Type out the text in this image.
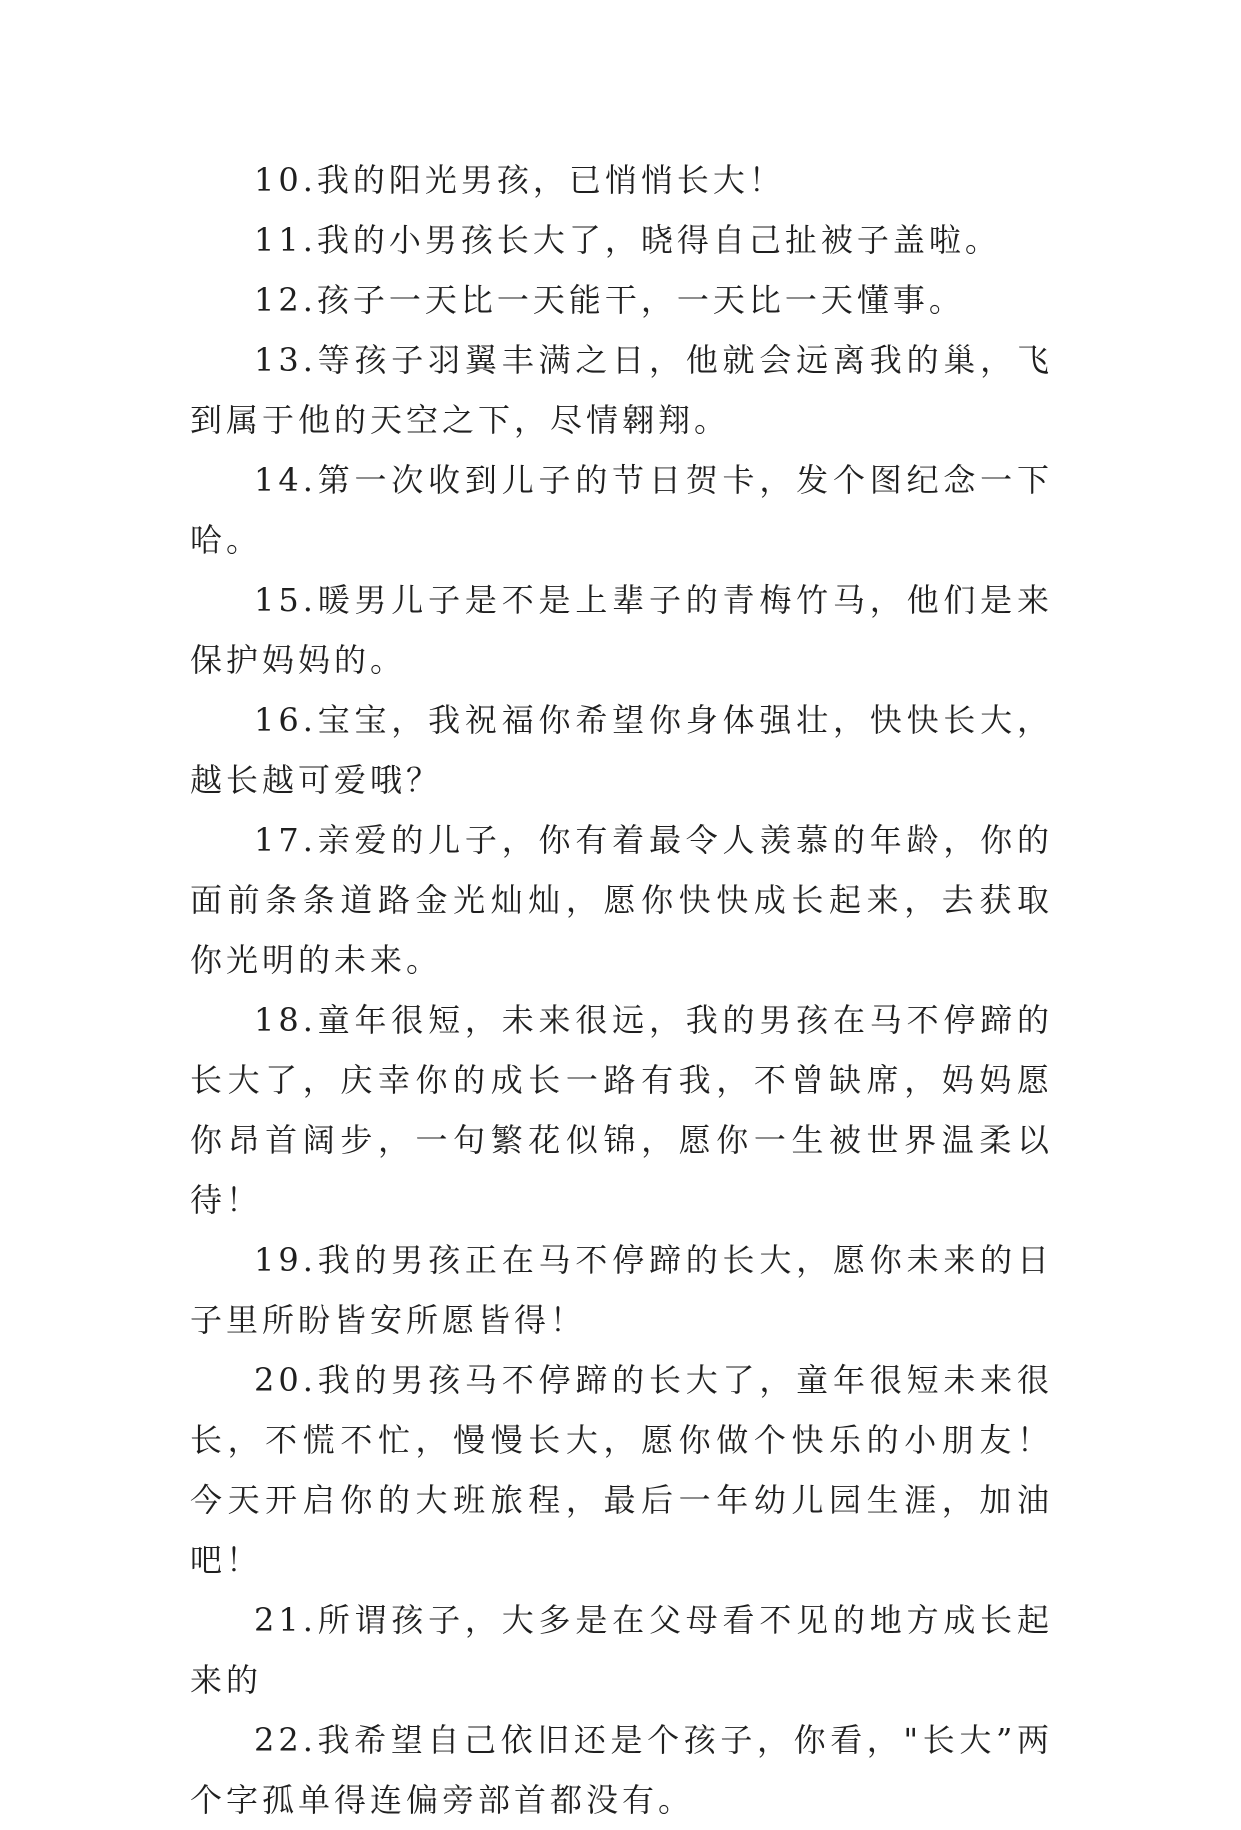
10.我的阳光男孩，已悄悄长大！

11.我的小男孩长大了，晓得自己扯被子盖啦。

12.孩子一天比一天能干，一天比一天懂事。

13.等孩子羽翼丰满之日，他就会远离我的巢，飞到属于他的天空之下，尽情翱翔。

14.第一次收到儿子的节日贺卡，发个图纪念一下哈。

15.暖男儿子是不是上辈子的青梅竹马，他们是来保护妈妈的。

16.宝宝，我祝福你希望你身体强壮，快快长大，越长越可爱哦？

17.亲爱的儿子，你有着最令人羡慕的年龄，你的面前条条道路金光灿灿，愿你快快成长起来，去获取你光明的未来。

18.童年很短，未来很远，我的男孩在马不停蹄的长大了，庆幸你的成长一路有我，不曾缺席，妈妈愿你昂首阔步，一句繁花似锦，愿你一生被世界温柔以待！

19.我的男孩正在马不停蹄的长大，愿你未来的日子里所盼皆安所愿皆得！

20.我的男孩马不停蹄的长大了，童年很短未来很长，不慌不忙，慢慢长大，愿你做个快乐的小朋友！今天开启你的大班旅程，最后一年幼儿园生涯，加油吧！

21.所谓孩子，大多是在父母看不见的地方成长起来的

22.我希望自己依旧还是个孩子，你看，"长大”两个字孤单得连偏旁部首都没有。
